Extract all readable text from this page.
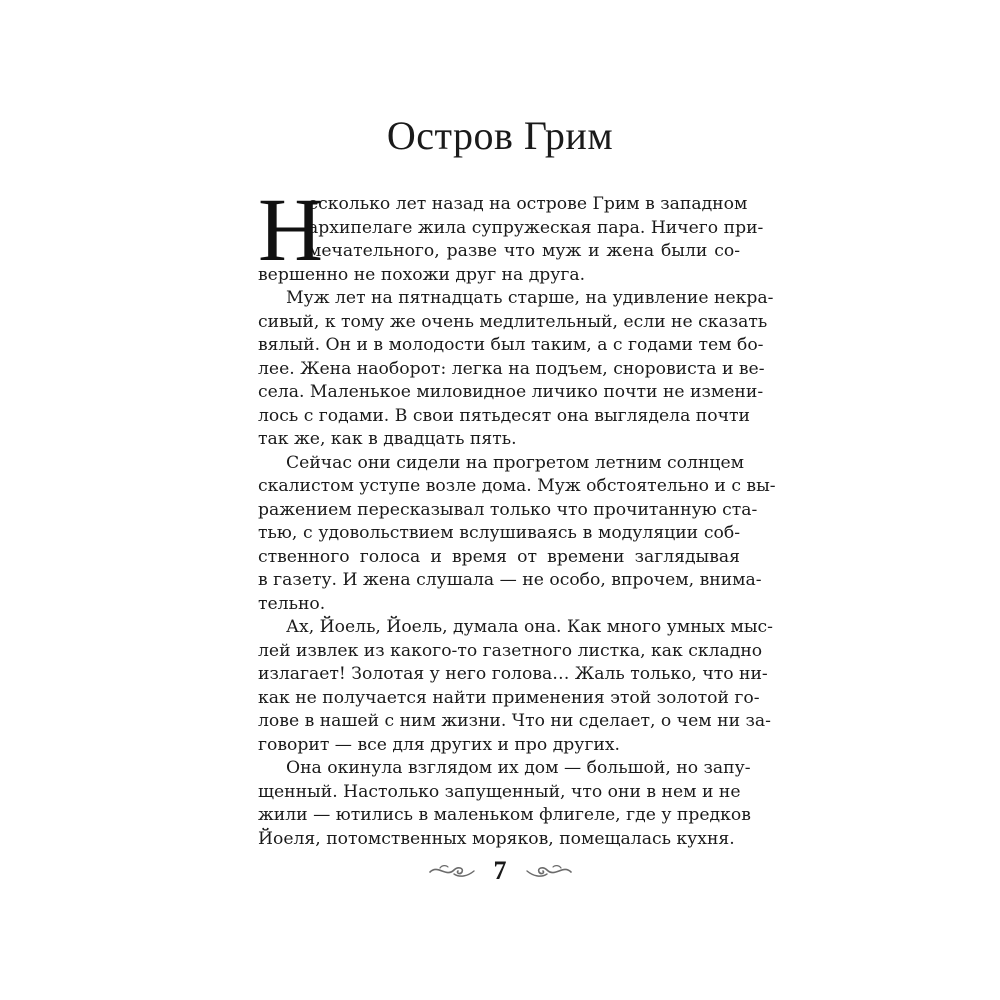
Остров Грим
Н
есколько лет назад на острове Грим в западном
архипелаге жила супружеская пара. Ничего при-
мечательного, разве что муж и жена были со-
вершенно не похожи друг на друга.
Муж лет на пятнадцать старше, на удивление некра-
сивый, к тому же очень медлительный, если не сказать
вялый. Он и в молодости был таким, а с годами тем бо-
лее. Жена наоборот: легка на подъем, сноровиста и ве-
села. Маленькое миловидное личико почти не измени-
лось с годами. В свои пятьдесят она выглядела почти
так же, как в двадцать пять.
Сейчас они сидели на прогретом летним солнцем
скалистом уступе возле дома. Муж обстоятельно и с вы-
ражением пересказывал только что прочитанную ста-
тью, с удовольствием вслушиваясь в модуляции соб-
ственного голоса и время от времени заглядывая
в газету. И жена слушала — не особо, впрочем, внима-
тельно.
Ах, Йоель, Йоель, думала она. Как много умных мыс-
лей извлек из какого-то газетного листка, как складно
излагает! Золотая у него голова… Жаль только, что ни-
как не получается найти применения этой золотой го-
лове в нашей с ним жизни. Что ни сделает, о чем ни за-
говорит — все для других и про других.
Она окинула взглядом их дом — большой, но запу-
щенный. Настолько запущенный, что они в нем и не
жили — ютились в маленьком флигеле, где у предков
Йоеля, потомственных моряков, помещалась кухня.
7
